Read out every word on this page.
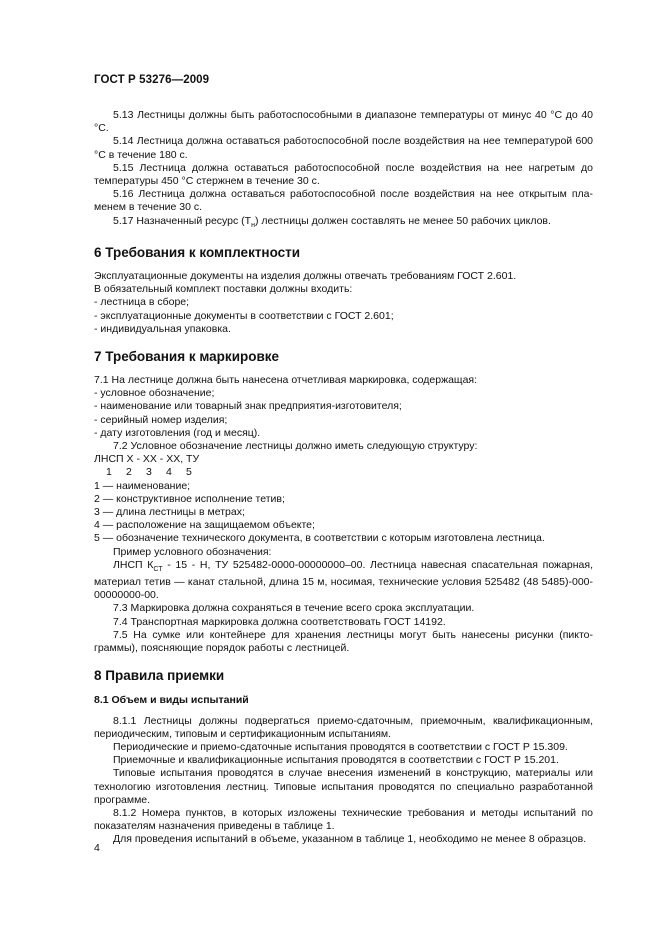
ГОСТ Р 53276—2009

5.13 Лестницы должны быть работоспособными в диапазоне температуры от минус 40 °С до 40 °С.

5.14 Лестница должна оставаться работоспособной после воздействия на нее температурой 600 °С в течение 180 с.

5.15 Лестница должна оставаться работоспособной после воздействия на нее нагретым до температуры 450 °С стержнем в течение 30 с.

5.16 Лестница должна оставаться работоспособной после воздействия на нее открытым пламенем в течение 30 с.

5.17 Назначенный ресурс $(Т_н)$ лестницы должен составлять не менее 50 рабочих циклов.

6 Требования к комплектности

Эксплуатационные документы на изделия должны отвечать требованиям ГОСТ 2.601.

В обязательный комплект поставки должны входить:

- лестница в сборе;

- эксплуатационные документы в соответствии с ГОСТ 2.601;

- индивидуальная упаковка.

7 Требования к маркировке

7.1 На лестнице должна быть нанесена отчетливая маркировка, содержащая:

- условное обозначение;

- наименование или товарный знак предприятия-изготовителя;

- серийный номер изделия;

- дату изготовления (год и месяц).

7.2 Условное обозначение лестницы должно иметь следующую структуру:

ЛНСП Х - ХХ - ХХ, ТУ

1	2	3	4	5

1 — наименование;

2 — конструктивное исполнение тетив;

3 — длина лестницы в метрах;

4 — расположение на защищаемом объекте;

5 — обозначение технического документа, в соответствии с которым изготовлена лестница.

Пример условного обозначения:

ЛНСП $К_{СТ} - 15$ - Н, ТУ 525482-0000-00000000–00. Лестница навесная спасательная пожарная, материал тетив — канат стальной, длина 15 м, носимая, технические условия 525482 (48 5485)-000-00000000-00.

7.3 Маркировка должна сохраняться в течение всего срока эксплуатации.

7.4 Транспортная маркировка должна соответствовать ГОСТ 14192.

7.5 На сумке или контейнере для хранения лестницы могут быть нанесены рисунки (пиктограммы), поясняющие порядок работы с лестницей.

8 Правила приемки

8.1 Объем и виды испытаний

8.1.1 Лестницы должны подвергаться приемо-сдаточным, приемочным, квалификационным, периодическим, типовым и сертификационным испытаниям.

Периодические и приемо-сдаточные испытания проводятся в соответствии с ГОСТ Р 15.309.

Приемочные и квалификационные испытания проводятся в соответствии с ГОСТ Р 15.201.

Типовые испытания проводятся в случае внесения изменений в конструкцию, материалы или технологию изготовления лестниц. Типовые испытания проводятся по специально разработанной программе.

8.1.2 Номера пунктов, в которых изложены технические требования и методы испытаний по показателям назначения приведены в таблице 1.

Для проведения испытаний в объеме, указанном в таблице 1, необходимо не менее 8 образцов.

4
